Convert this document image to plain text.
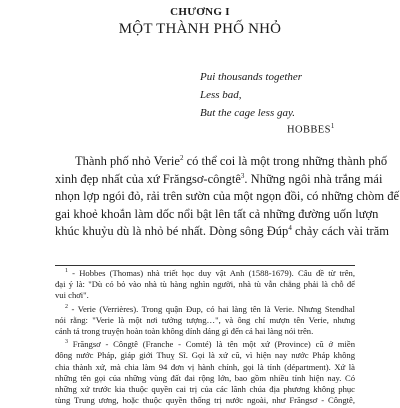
CHƯƠNG I
MỘT THÀNH PHỐ NHỎ
Pui thousands together
Less bad,
But the cage less gay.
HOBBES$^1$
Thành phố nhỏ Verie$^2$ có thể coi là một trong những thành phố
xinh đẹp nhất của xứ Frăngsơ-côngtê$^3$. Những ngôi nhà trắng mái
nhọn lợp ngói đỏ, rải trên sườn của một ngọn đồi, có những chòm đế
gai khoẻ khoắn làm dốc nổi bật lên tất cả những đường uốn lượn
khúc khuỷu dù là nhỏ bé nhất. Dòng sông Đúp$^4$ chảy cách vài trăm
$^1$ - Hobbes (Thomas) nhà triết học duy vật Anh (1588-1679). Câu đề từ trên,
đại ý là: "Dù có bỏ vào nhà tù hàng nghìn người, nhà tù vẫn chẳng phải là chỗ để
vui chơi".
$^2$ - Verie (Verrières). Trong quận Đup, có hai làng tên là Verie. Nhưng Stendhal
nói rằng: "Verie là một nơi tưởng tượng…", và ông chỉ mượn tên Verie, nhưng
cảnh tả trong truyện hoàn toàn không dính dáng gì đến cả hai làng nói trên.
$^3$ Frăngsơ - Côngtê (Franche - Comté) là tên một xứ (Province) cũ ở miền
đông nước Pháp, giáp giới Thuỵ Sĩ. Gọi là xứ cũ, vì hiện nay nước Pháp không
chia thành xứ, mà chia làm 94 đơn vị hành chính, gọi là tỉnh (départment). Xứ là
những tên gọi của những vùng đất đai rộng lớn, bao gồm nhiều tỉnh hiện nay. Có
những xứ trước kia thuộc quyền cai trị của các lãnh chúa địa phương không phục
tùng Trung ương, hoặc thuộc quyền thống trị nước ngoài, như Frăngsơ - Côngtê,
